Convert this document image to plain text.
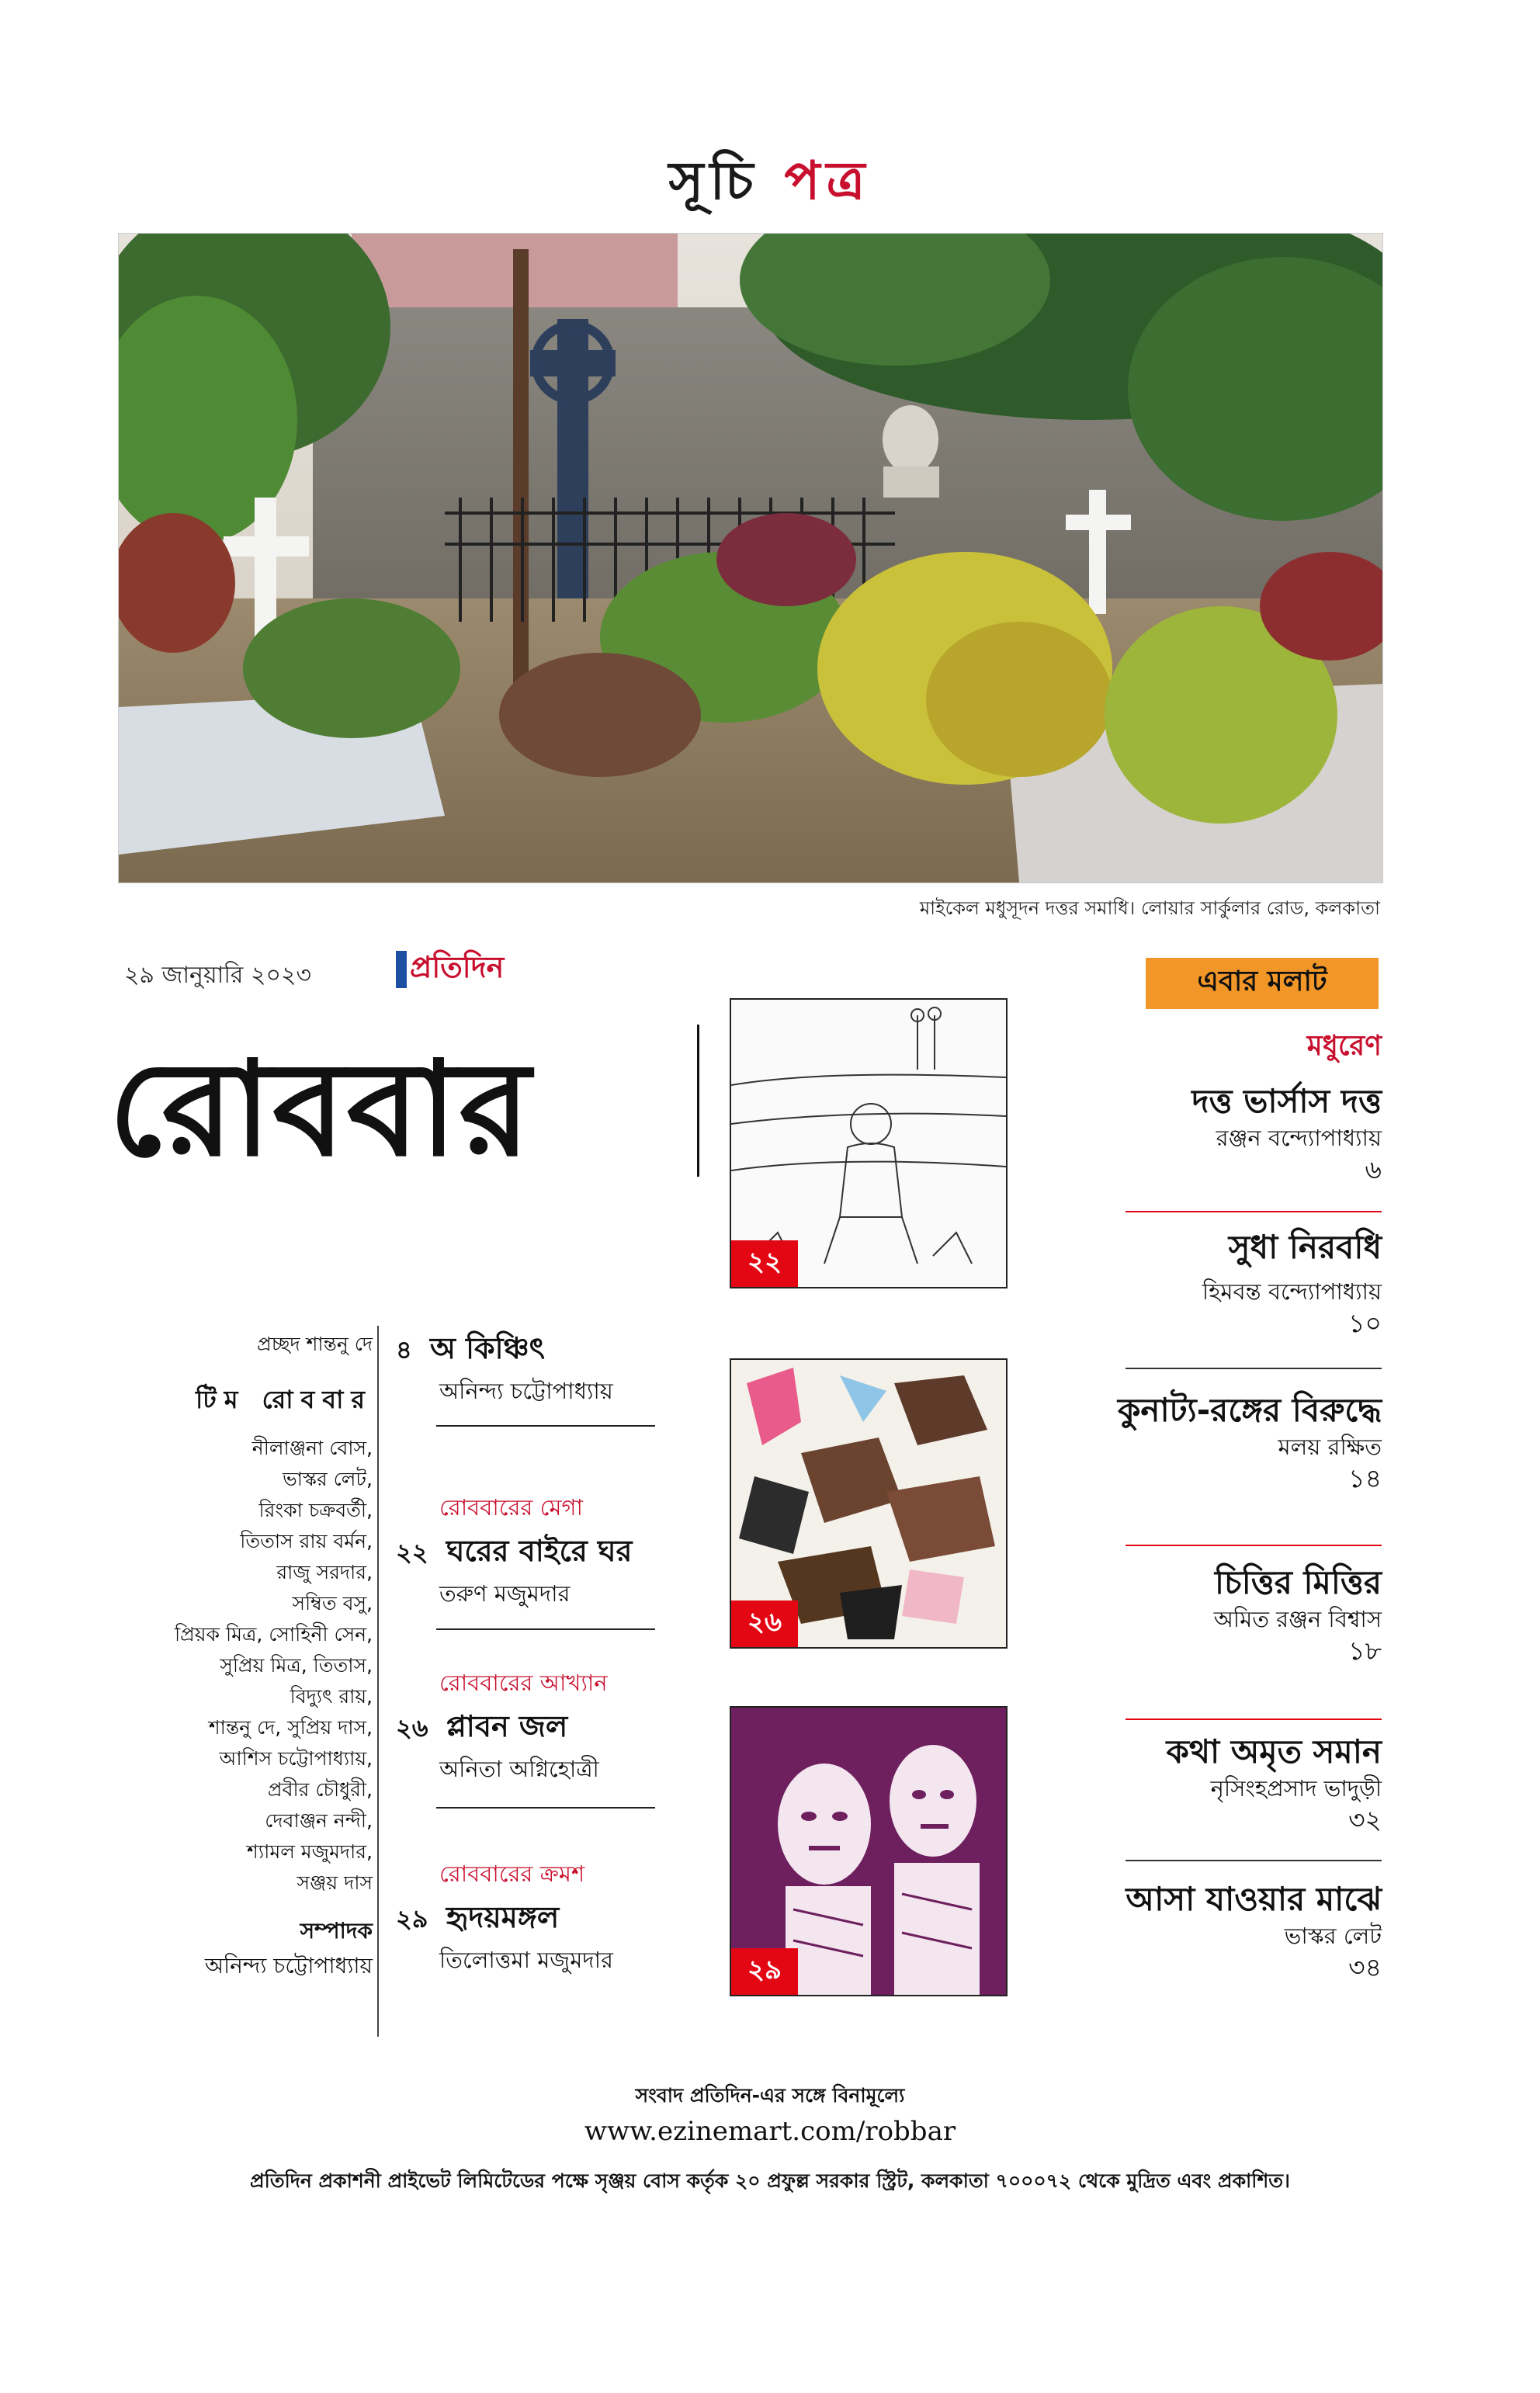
সূচি পত্র
মাইকেল মধুসূদন দত্তর সমাধি। লোয়ার সার্কুলার রোড, কলকাতা
২৯ জানুয়ারি ২০২৩	প্রতিদিন
রোববার
২২
২৬
২৯
প্রচ্ছদ শান্তনু দে
টিম রোববার
নীলাঞ্জনা বোস,
ভাস্কর লেট,
রিংকা চক্রবর্তী,
তিতাস রায় বর্মন,
রাজু সরদার,
সম্বিত বসু,
প্রিয়ক মিত্র, সোহিনী সেন,
সুপ্রিয় মিত্র, তিতাস,
বিদ্যুৎ রায়,
শান্তনু দে, সুপ্রিয় দাস,
আশিস চট্টোপাধ্যায়,
প্রবীর চৌধুরী,
দেবাঞ্জন নন্দী,
শ্যামল মজুমদার,
সঞ্জয় দাস
সম্পাদক
অনিন্দ্য চট্টোপাধ্যায়
৪ অ কিঞ্চিৎ
অনিন্দ্য চট্টোপাধ্যায়
রোববারের মেগা
২২ ঘরের বাইরে ঘর
তরুণ মজুমদার
রোববারের আখ্যান
২৬ প্লাবন জল
অনিতা অগ্নিহোত্রী
রোববারের ক্রমশ
২৯ হৃদয়মঙ্গল
তিলোত্তমা মজুমদার
এবার মলাট
মধুরেণ
দত্ত ভার্সাস দত্ত
রঞ্জন বন্দ্যোপাধ্যায়
৬
সুধা নিরবধি
হিমবন্ত বন্দ্যোপাধ্যায়
১০
কুনাট্য-রঙ্গের বিরুদ্ধে
মলয় রক্ষিত
১৪
চিত্তির মিত্তির
অমিত রঞ্জন বিশ্বাস
১৮
কথা অমৃত সমান
নৃসিংহপ্রসাদ ভাদুড়ী
৩২
আসা যাওয়ার মাঝে
ভাস্কর লেট
৩৪
সংবাদ প্রতিদিন-এর সঙ্গে বিনামূল্যে
www.ezinemart.com/robbar
প্রতিদিন প্রকাশনী প্রাইভেট লিমিটেডের পক্ষে সৃঞ্জয় বোস কর্তৃক ২০ প্রফুল্ল সরকার স্ট্রিট, কলকাতা ৭০০০৭২ থেকে মুদ্রিত এবং প্রকাশিত।
